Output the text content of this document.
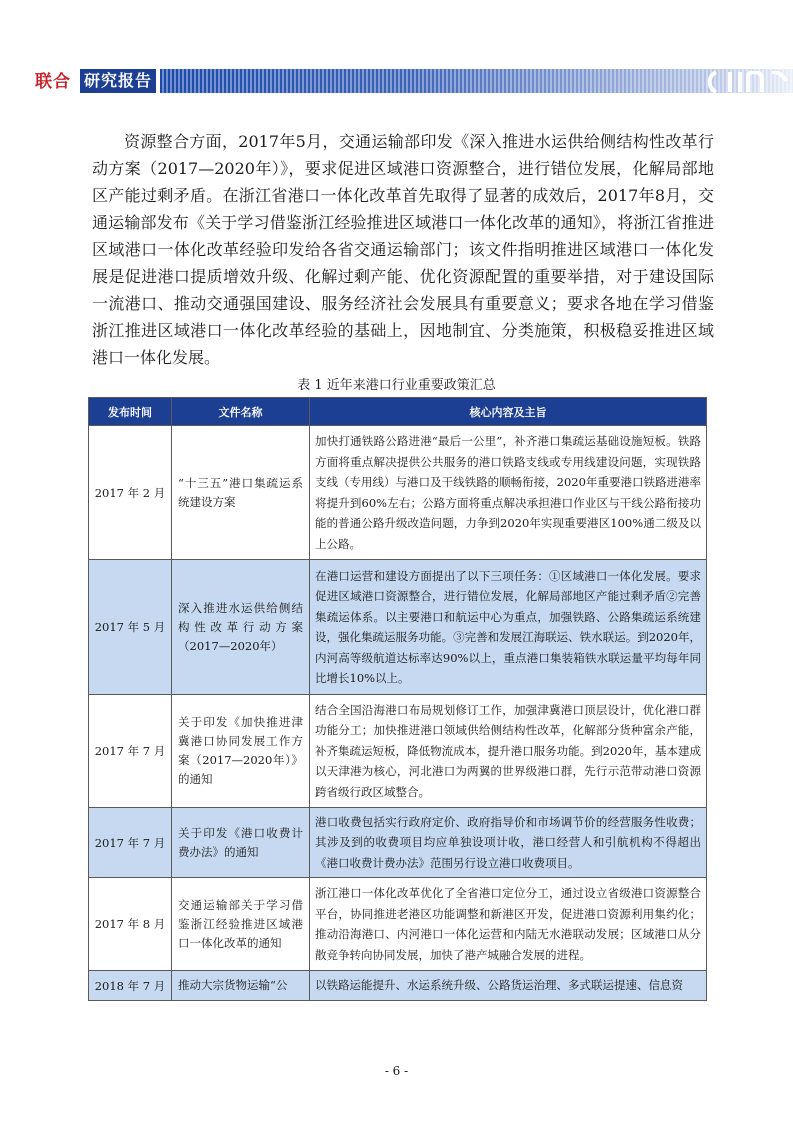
联合 研究报告

资源整合方面，2017年5月，交通运输部印发《深入推进水运供给侧结构性改革行动方案（2017—2020年）》，要求促进区域港口资源整合，进行错位发展，化解局部地区产能过剩矛盾。在浙江省港口一体化改革首先取得了显著的成效后，2017年8月，交通运输部发布《关于学习借鉴浙江经验推进区域港口一体化改革的通知》，将浙江省推进区域港口一体化改革经验印发给各省交通运输部门；该文件指明推进区域港口一体化发展是促进港口提质增效升级、化解过剩产能、优化资源配置的重要举措，对于建设国际一流港口、推动交通强国建设、服务经济社会发展具有重要意义；要求各地在学习借鉴浙江推进区域港口一体化改革经验的基础上，因地制宜、分类施策，积极稳妥推进区域港口一体化发展。

表 1 近年来港口行业重要政策汇总
发布时间	文件名称	核心内容及主旨
2017 年 2 月	“十三五”港口集疏运系统建设方案	加快打通铁路公路进港“最后一公里”，补齐港口集疏运基础设施短板。铁路方面将重点解决提供公共服务的港口铁路支线或专用线建设问题，实现铁路支线（专用线）与港口及干线铁路的顺畅衔接，2020年重要港口铁路进港率将提升到60%左右；公路方面将重点解决承担港口作业区与干线公路衔接功能的普通公路升级改造问题，力争到2020年实现重要港区100%通二级及以上公路。
2017 年 5 月	深入推进水运供给侧结构性改革行动方案（2017—2020年）	在港口运营和建设方面提出了以下三项任务：①区域港口一体化发展。要求促进区域港口资源整合，进行错位发展，化解局部地区产能过剩矛盾②完善集疏运体系。以主要港口和航运中心为重点，加强铁路、公路集疏运系统建设，强化集疏运服务功能。③完善和发展江海联运、铁水联运。到2020年，内河高等级航道达标率达90%以上，重点港口集装箱铁水联运量平均每年同比增长10%以上。
2017 年 7 月	关于印发《加快推进津冀港口协同发展工作方案（2017—2020年）》的通知	结合全国沿海港口布局规划修订工作，加强津冀港口顶层设计，优化港口群功能分工；加快推进港口领域供给侧结构性改革，化解部分货种富余产能，补齐集疏运短板，降低物流成本，提升港口服务功能。到2020年，基本建成以天津港为核心，河北港口为两翼的世界级港口群，先行示范带动港口资源跨省级行政区域整合。
2017 年 7 月	关于印发《港口收费计费办法》的通知	港口收费包括实行政府定价、政府指导价和市场调节价的经营服务性收费；其涉及到的收费项目均应单独设项计收，港口经营人和引航机构不得超出《港口收费计费办法》范围另行设立港口收费项目。
2017 年 8 月	交通运输部关于学习借鉴浙江经验推进区域港口一体化改革的通知	浙江港口一体化改革优化了全省港口定位分工，通过设立省级港口资源整合平台，协同推进老港区功能调整和新港区开发，促进港口资源利用集约化；推动沿海港口、内河港口一体化运营和内陆无水港联动发展；区域港口从分散竞争转向协同发展，加快了港产城融合发展的进程。
2018 年 7 月	推动大宗货物运输“公	以铁路运能提升、水运系统升级、公路货运治理、多式联运提速、信息资
- 6 -
